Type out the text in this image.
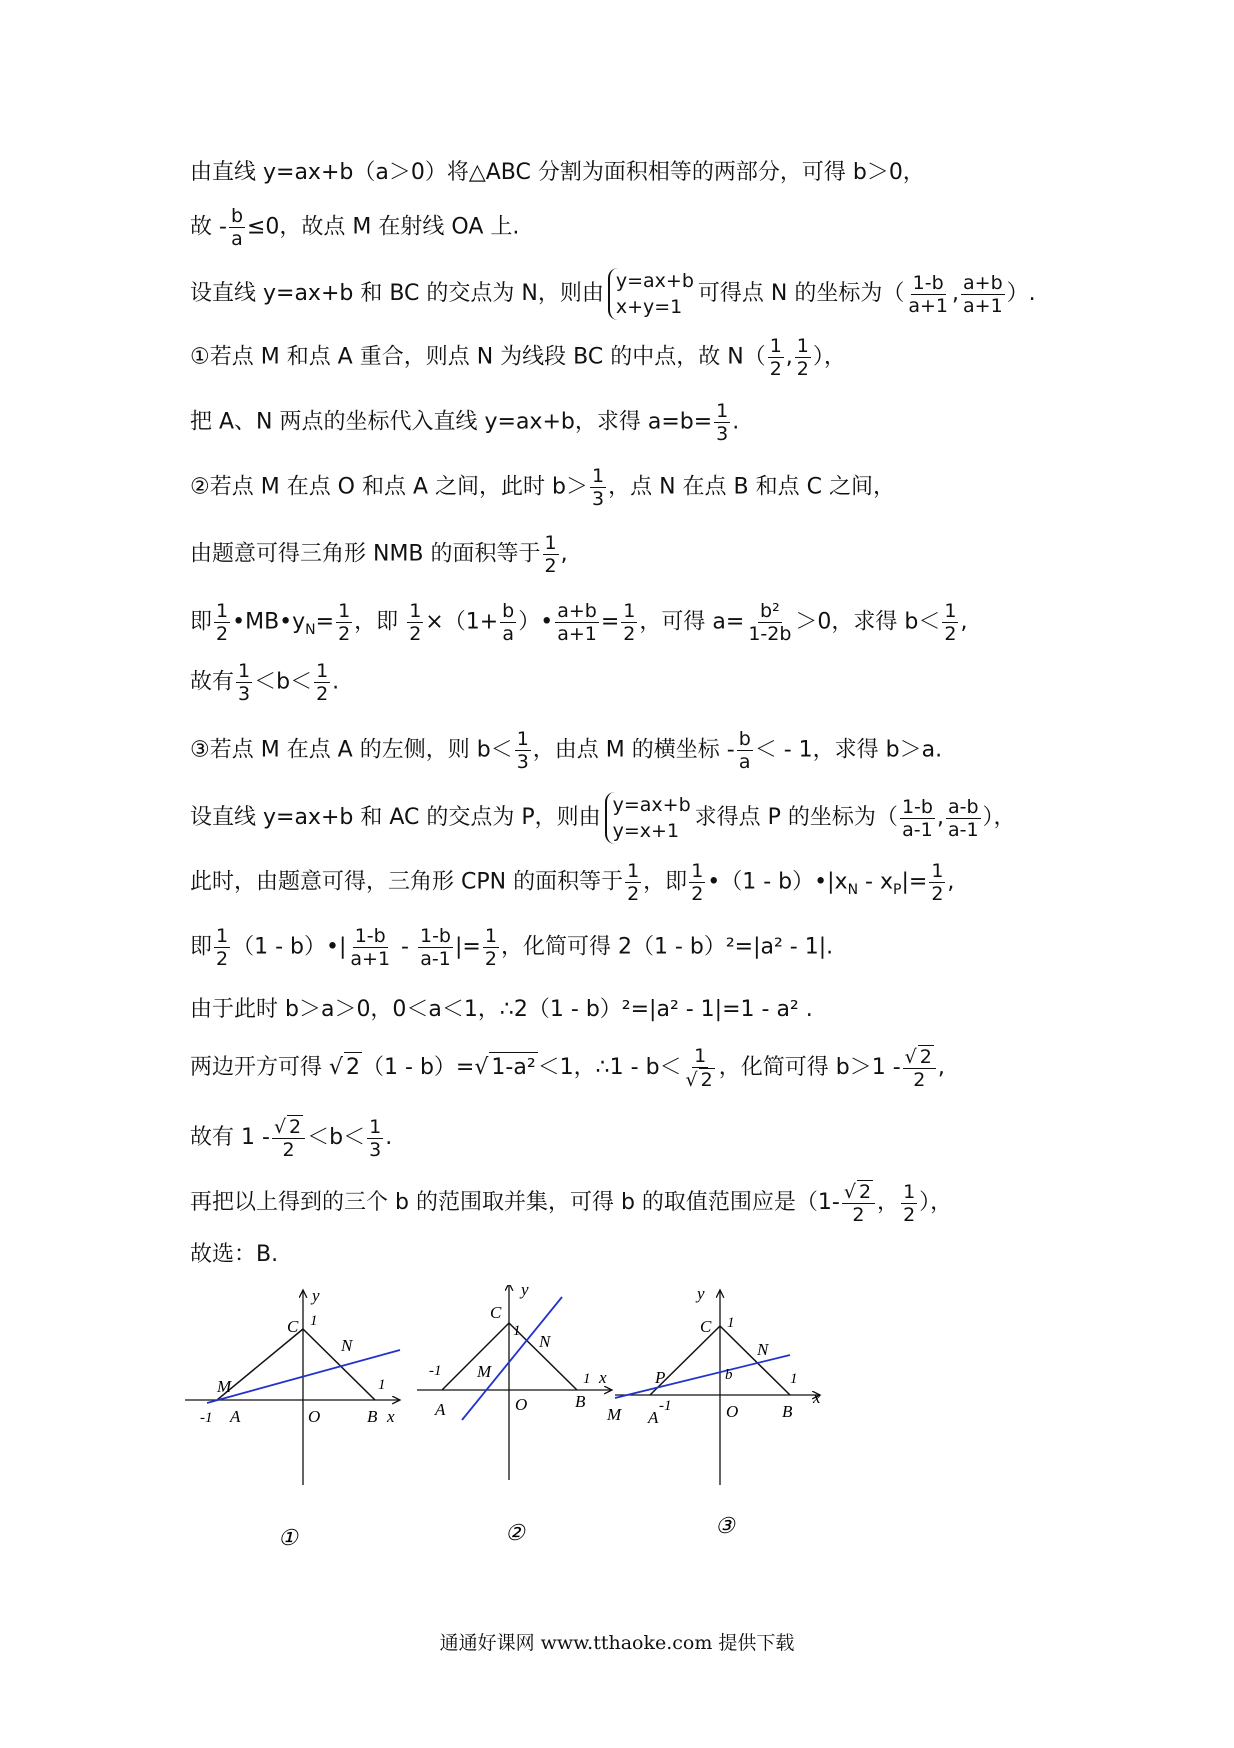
由直线 y=ax+b（a＞0）将△ABC 分割为面积相等的两部分，可得 b＞0，
故 - $\frac{b}{a} \le 0$，故点 M 在射线 OA 上.
设直线 y=ax+b 和 BC 的交点为 N，则由 y=ax+b
x+y=1
可得点 N 的坐标为（ $\frac{1-b}{a+1}$ , $\frac{a+b}{a+1}$ ）.
①若点 M 和点 A 重合，则点 N 为线段 BC 的中点，故 $N( \frac{1}{2}$ , $\frac{1}{2}$ ），
把 A、N 两点的坐标代入直线 y=ax+b，求得 $a=b= \frac{1}{3}$ .
②若点 M 在点 O 和点 A 之间，此时 $b> \frac{1}{3}$ ，点 N 在点 B 和点 C 之间，
由题意可得三角形 NMB 的面积等于 $\frac{1}{2}$ ,
即 $\frac{1}{2}$ $•MB•y_N= \frac{1}{2}$ ，即 $\frac{1}{2} \times(1+ \frac{b}{a}$ ）• $\frac{a+b}{a+1} = \frac{1}{2}$ ，可得 $a= \frac{\text{b²}}{1-2b} >0$，求得 $b< \frac{1}{2}$ ,
故有 $\frac{1}{3} <b< \frac{1}{2}$ .
③若点 M 在点 A 的左侧，则 $b< \frac{1}{3}$ ，由点 M 的横坐标 - $\frac{b}{a}$ ＜ - 1，求得 b＞a.
设直线 y=ax+b 和 AC 的交点为 P，则由 y=ax+b
y=x+1
求得点 P 的坐标为（ $\frac{1-b}{a-1}$ , $\frac{a-b}{a-1}$ ），
此时，由题意可得，三角形 CPN 的面积等于 $\frac{1}{2}$ ，即 $\frac{1}{2}$ •（1 - $b)•|x_N - x_P|= \frac{1}{2}$ ,
即 $\frac{1}{2} (1$ - b）•| $\frac{1-b}{a+1} - \frac{1-b}{a-1}$ |= $\frac{1}{2}$ ，化简可得 2（1 - b）²=|a² - 1|.
由于此时 b＞a＞0，0＜a＜1，∴2（1 - b）²=|a² - 1|=1 - a² .
两边开方可得 √ 2（1 - b）=√ 1-a²＜1，∴1 - $b< \frac{1}{√ 2}$ ，化简可得 $b>1 - \frac{√ 2}{2}$ ,
故有 $1 - \frac{√ 2}{2} <b< \frac{1}{3}$ .
再把以上得到的三个 b 的范围取并集，可得 b 的取值范围应是（$1- \frac{√ 2}{2}$ ， $\frac{1}{2}$ ），
故选：B.
y
x
C 1
N
M	1
-1 A	O	B
①
y
x
C
1
N
M	1
-1
A	O	B
②
y
x
C 1
N
P	b	1
-1
M A	O	B
③
通通好课网 www.tthaoke.com 提供下载
